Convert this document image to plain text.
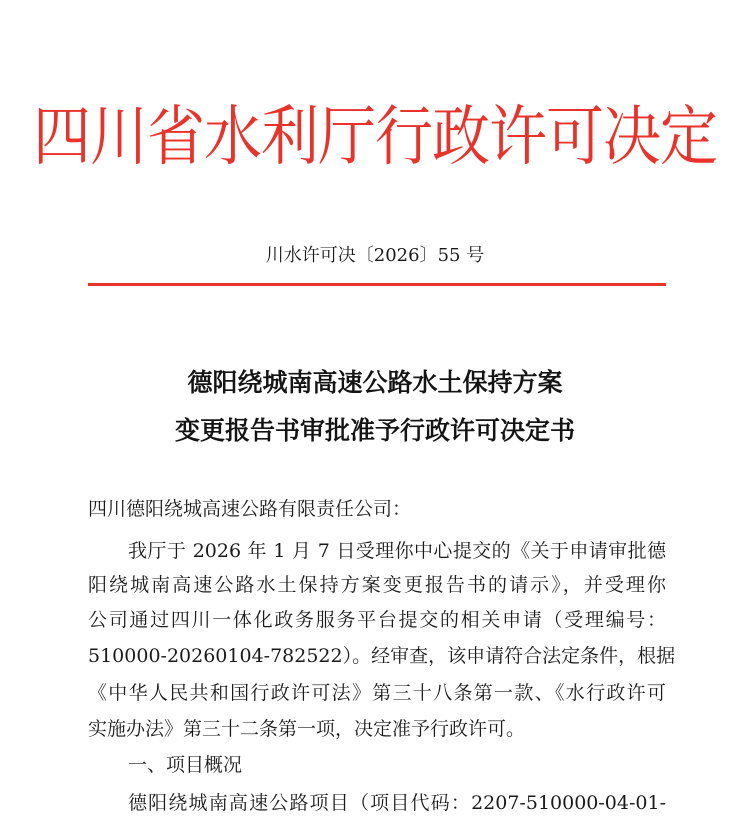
四川省水利厅行政许可决定
川水许可决〔2026〕55 号
德阳绕城南高速公路水土保持方案
变更报告书审批准予行政许可决定书
四川德阳绕城高速公路有限责任公司：
我厅于 2026 年 1 月 7 日受理你中心提交的《关于申请审批德
阳绕城南高速公路水土保持方案变更报告书的请示》，并受理你
公司通过四川一体化政务服务平台提交的相关申请（受理编号：
510000-20260104-782522）。经审查，该申请符合法定条件，根据
《中华人民共和国行政许可法》第三十八条第一款、《水行政许可
实施办法》第三十二条第一项，决定准予行政许可。
一、项目概况
德阳绕城南高速公路项目（项目代码：2207-510000-04-01-
